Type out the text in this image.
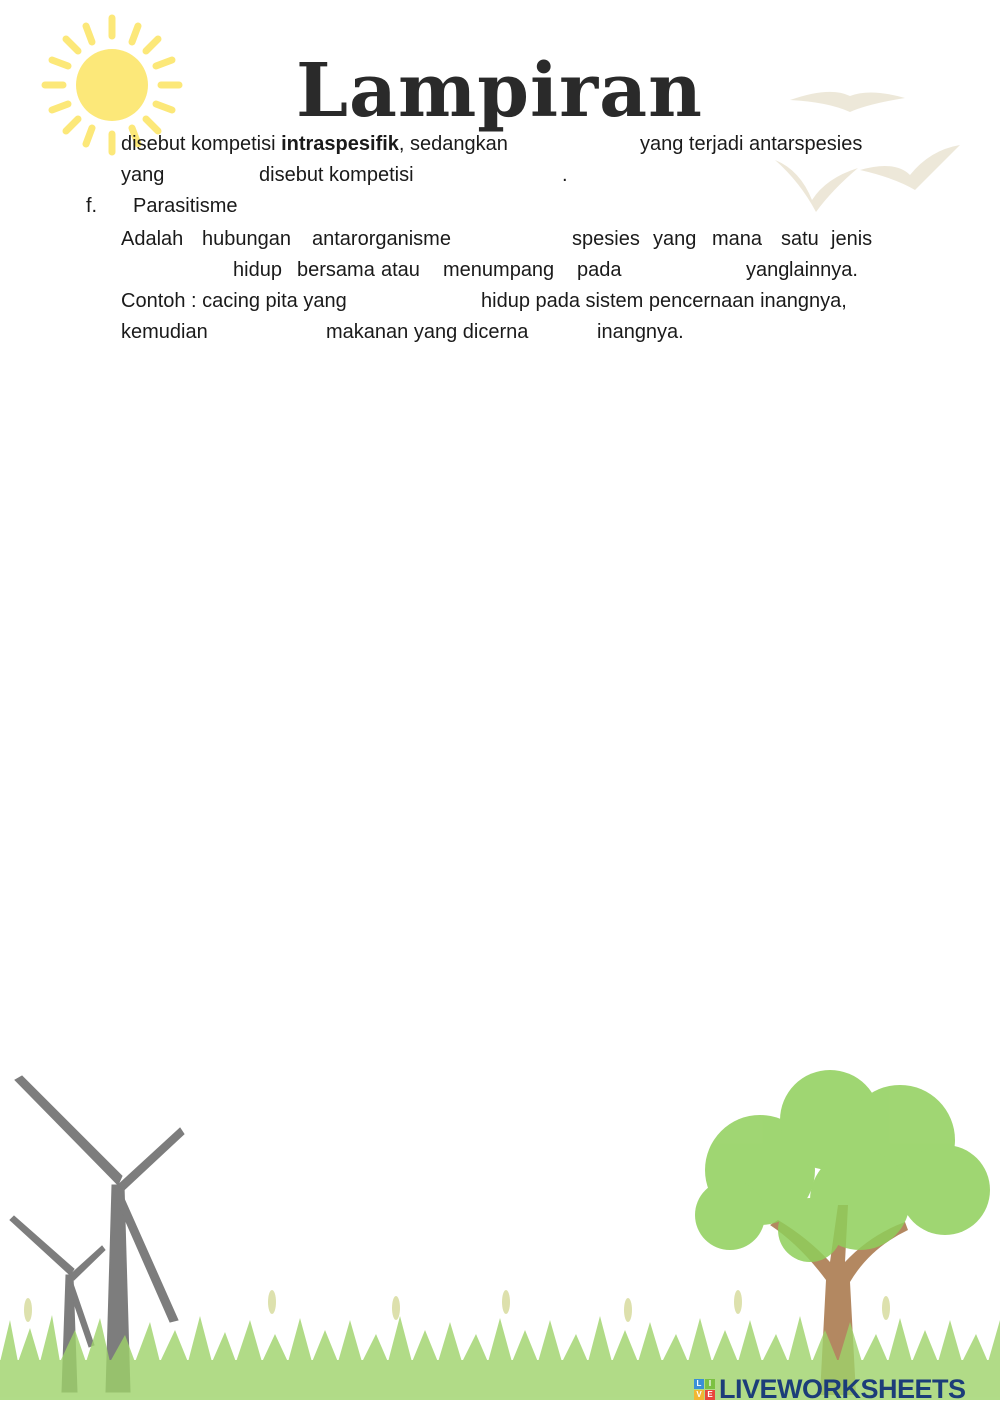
Lampiran
disebut kompetisi intraspesifik, sedangkan	yang terjadi antarspesies
yang	disebut kompetisi	.
f. Parasitisme
Adalah hubungan antarorganisme	spesies yang mana satu jenis
hidup bersama atau menumpang pada	yang lainnya.
Contoh : cacing pita yang	hidup pada sistem pencernaan inangnya,
kemudian	makanan yang dicerna	inangnya.
L I
V E LIVEWORKSHEETS
